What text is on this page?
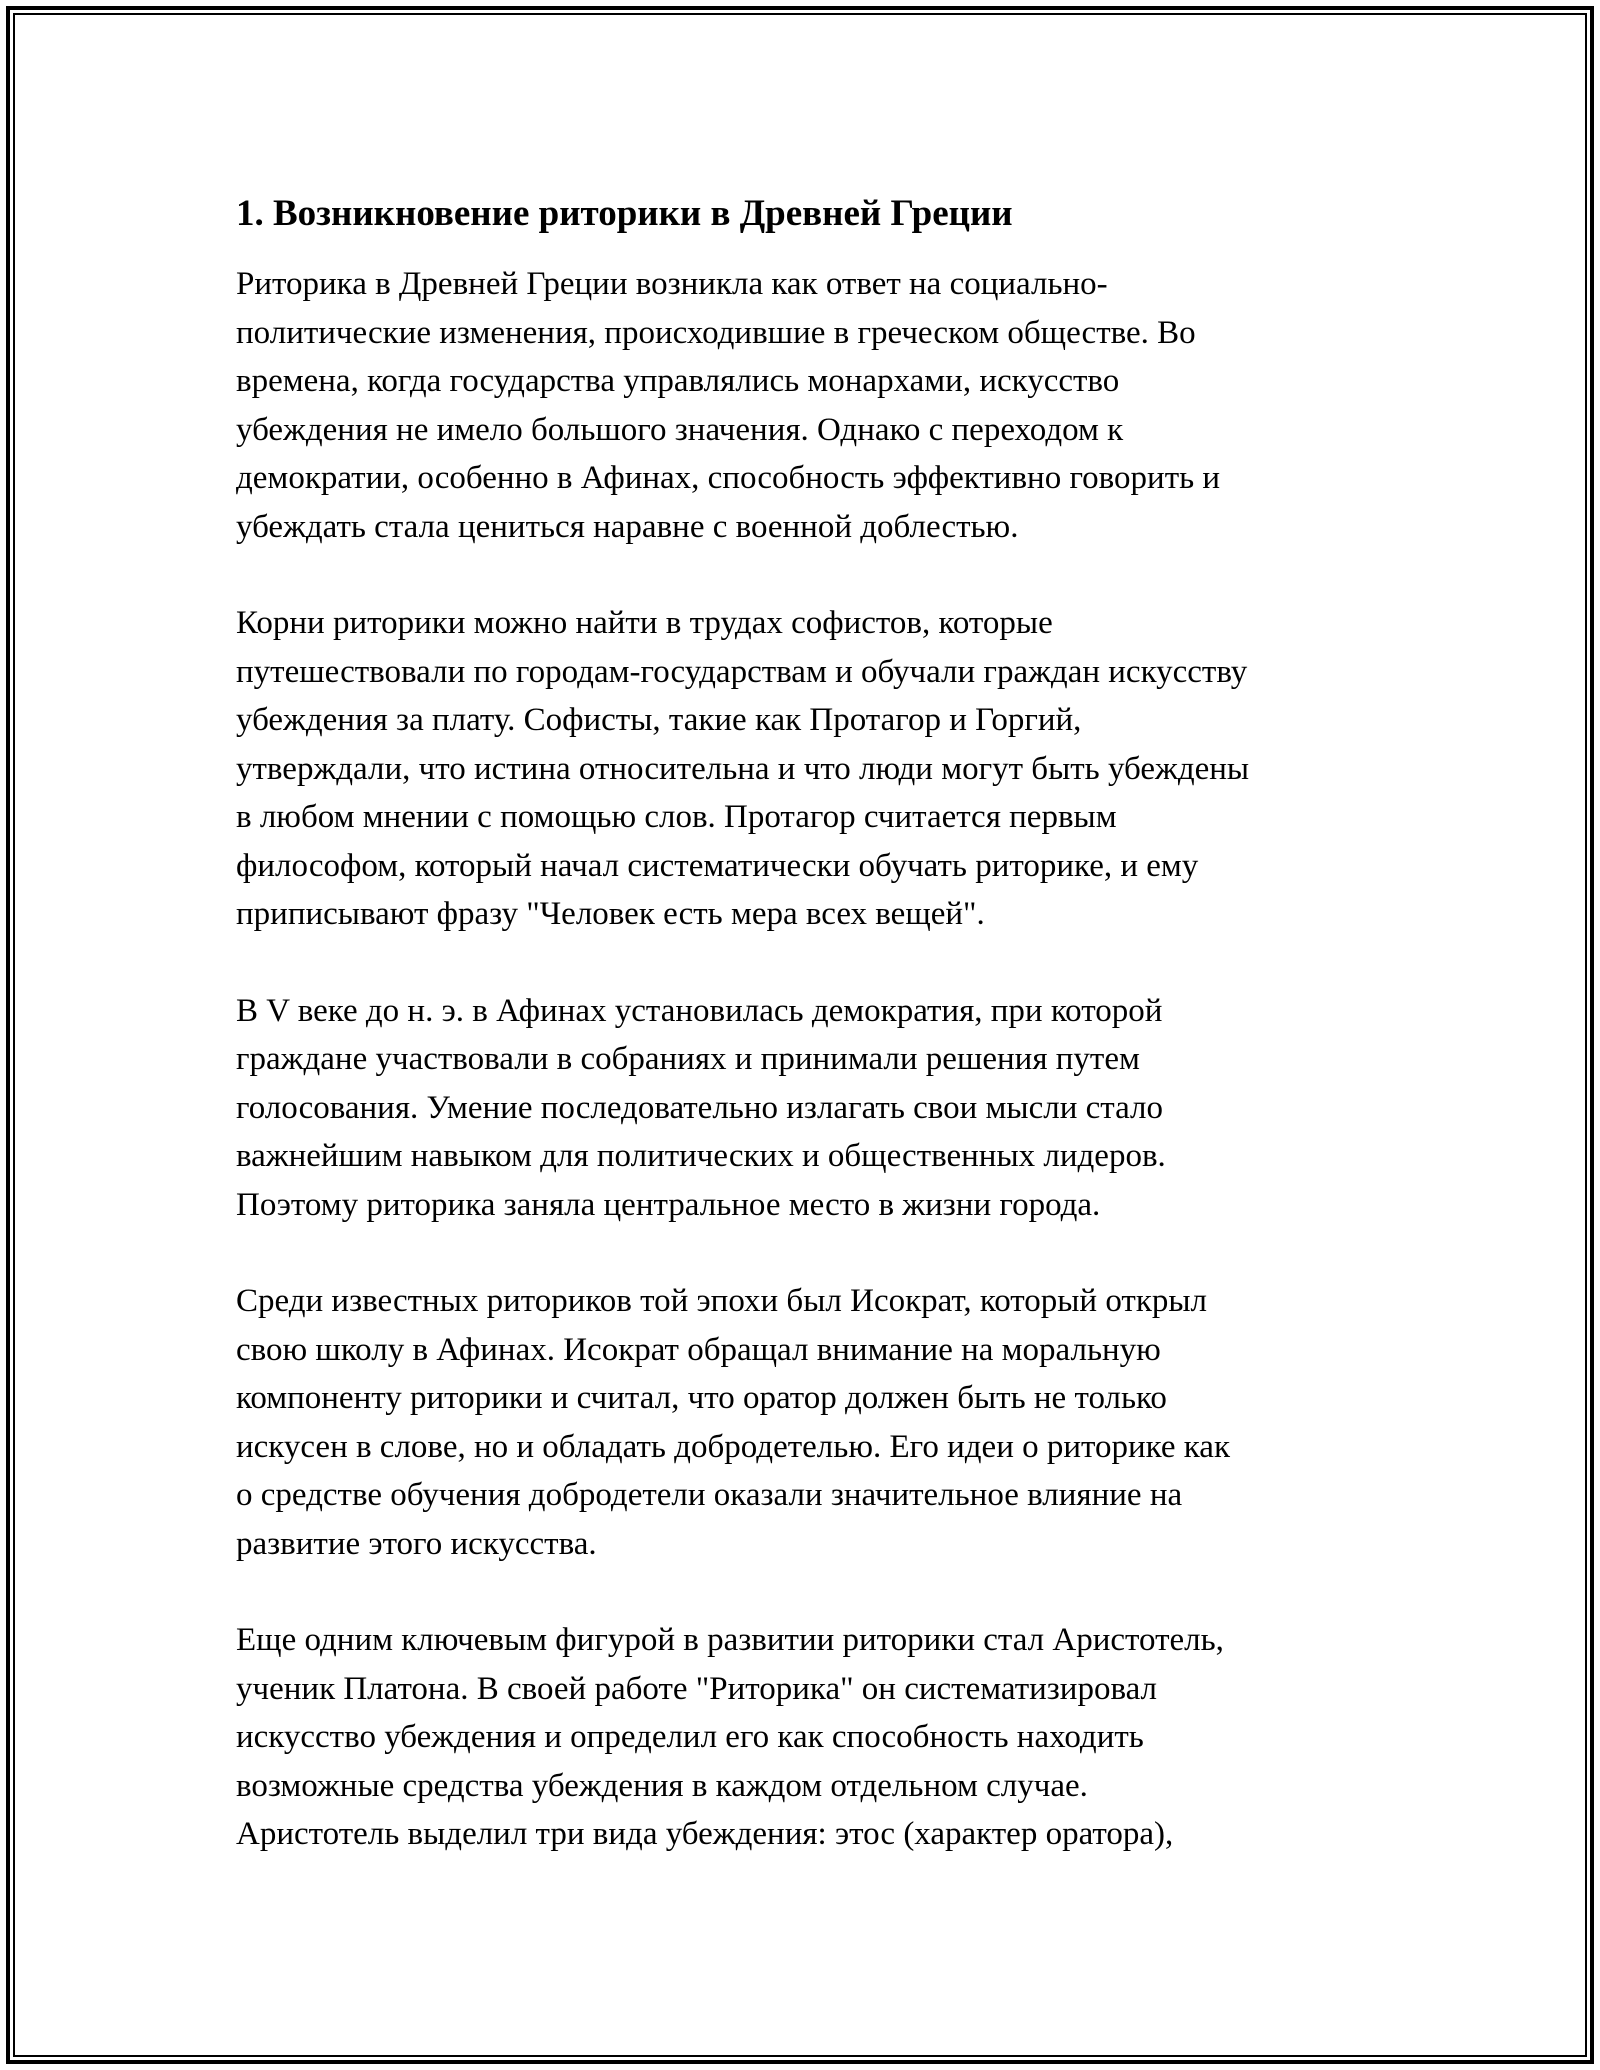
1. Возникновение риторики в Древней Греции

Риторика в Древней Греции возникла как ответ на социально-
политические изменения, происходившие в греческом обществе. Во
времена, когда государства управлялись монархами, искусство
убеждения не имело большого значения. Однако с переходом к
демократии, особенно в Афинах, способность эффективно говорить и
убеждать стала цениться наравне с военной доблестью.

Корни риторики можно найти в трудах софистов, которые
путешествовали по городам-государствам и обучали граждан искусству
убеждения за плату. Софисты, такие как Протагор и Горгий,
утверждали, что истина относительна и что люди могут быть убеждены
в любом мнении с помощью слов. Протагор считается первым
философом, который начал систематически обучать риторике, и ему
приписывают фразу "Человек есть мера всех вещей".

В V веке до н. э. в Афинах установилась демократия, при которой
граждане участвовали в собраниях и принимали решения путем
голосования. Умение последовательно излагать свои мысли стало
важнейшим навыком для политических и общественных лидеров.
Поэтому риторика заняла центральное место в жизни города.

Среди известных риториков той эпохи был Исократ, который открыл
свою школу в Афинах. Исократ обращал внимание на моральную
компоненту риторики и считал, что оратор должен быть не только
искусен в слове, но и обладать добродетелью. Его идеи о риторике как
о средстве обучения добродетели оказали значительное влияние на
развитие этого искусства.

Еще одним ключевым фигурой в развитии риторики стал Аристотель,
ученик Платона. В своей работе "Риторика" он систематизировал
искусство убеждения и определил его как способность находить
возможные средства убеждения в каждом отдельном случае.
Аристотель выделил три вида убеждения: этос (характер оратора),
